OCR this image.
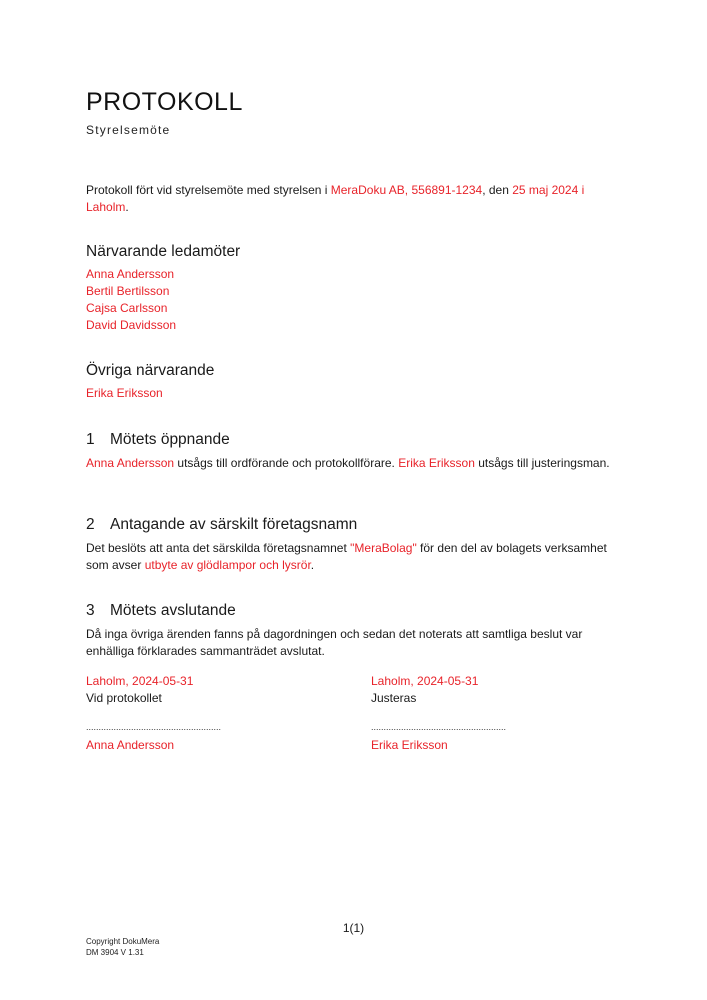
PROTOKOLL
Styrelsemöte
Protokoll fört vid styrelsemöte med styrelsen i MeraDoku AB, 556891-1234, den 25 maj 2024 i Laholm.
Närvarande ledamöter
Anna Andersson
Bertil Bertilsson
Cajsa Carlsson
David Davidsson
Övriga närvarande
Erika Eriksson
1 Mötets öppnande
Anna Andersson utsågs till ordförande och protokollförare. Erika Eriksson utsågs till justeringsman.
2 Antagande av särskilt företagsnamn
Det beslöts att anta det särskilda företagsnamnet "MeraBolag" för den del av bolagets verksamhet som avser utbyte av glödlampor och lysrör.
3 Mötets avslutande
Då inga övriga ärenden fanns på dagordningen och sedan det noterats att samtliga beslut var enhälliga förklarades sammanträdet avslutat.
Laholm, 2024-05-31
Vid protokollet
......................................................
Anna Andersson
Laholm, 2024-05-31
Justeras
......................................................
Erika Eriksson
1(1)
Copyright DokuMera
DM 3904 V 1.31
